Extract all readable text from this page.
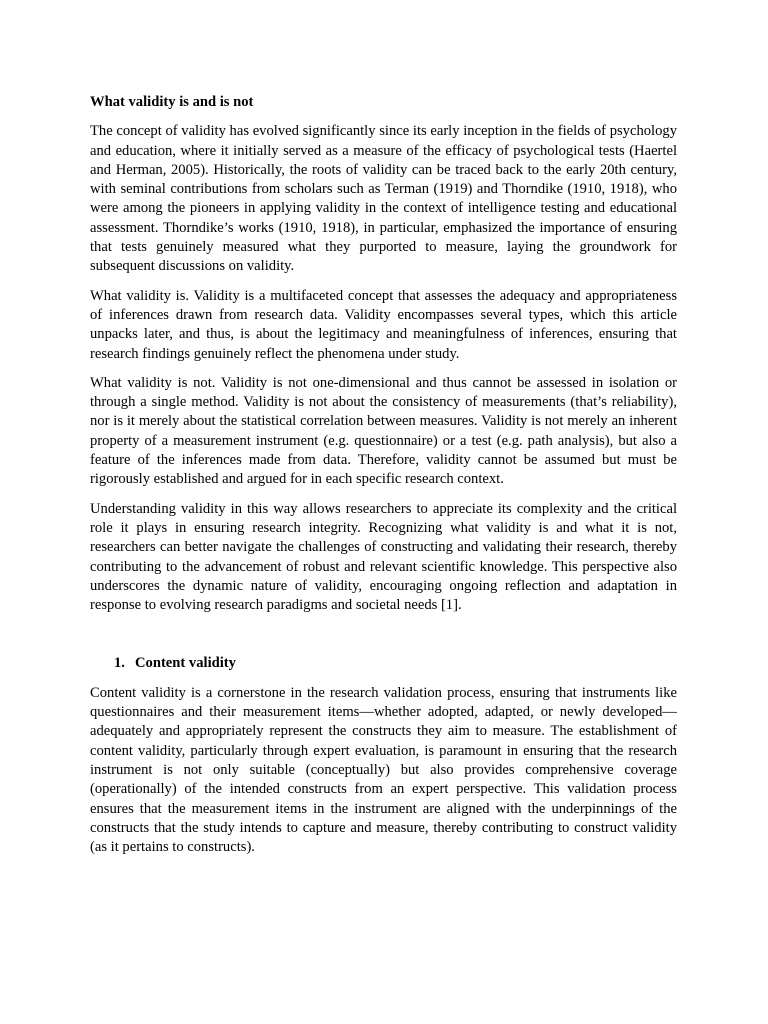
What validity is and is not

The concept of validity has evolved significantly since its early inception in the fields of psychology and education, where it initially served as a measure of the efficacy of psychological tests (Haertel and Herman, 2005). Historically, the roots of validity can be traced back to the early 20th century, with seminal contributions from scholars such as Terman (1919) and Thorndike (1910, 1918), who were among the pioneers in applying validity in the context of intelligence testing and educational assessment. Thorndike’s works (1910, 1918), in particular, emphasized the importance of ensuring that tests genuinely measured what they purported to measure, laying the groundwork for subsequent discussions on validity.

What validity is. Validity is a multifaceted concept that assesses the adequacy and appropriateness of inferences drawn from research data. Validity encompasses several types, which this article unpacks later, and thus, is about the legitimacy and meaningfulness of inferences, ensuring that research findings genuinely reflect the phenomena under study.

What validity is not. Validity is not one-dimensional and thus cannot be assessed in isolation or through a single method. Validity is not about the consistency of measurements (that’s reliability), nor is it merely about the statistical correlation between measures. Validity is not merely an inherent property of a measurement instrument (e.g. questionnaire) or a test (e.g. path analysis), but also a feature of the inferences made from data. Therefore, validity cannot be assumed but must be rigorously established and argued for in each specific research context.

Understanding validity in this way allows researchers to appreciate its complexity and the critical role it plays in ensuring research integrity. Recognizing what validity is and what it is not, researchers can better navigate the challenges of constructing and validating their research, thereby contributing to the advancement of robust and relevant scientific knowledge. This perspective also underscores the dynamic nature of validity, encouraging ongoing reflection and adaptation in response to evolving research paradigms and societal needs [1].

1. Content validity

Content validity is a cornerstone in the research validation process, ensuring that instruments like questionnaires and their measurement items—whether adopted, adapted, or newly developed—adequately and appropriately represent the constructs they aim to measure. The establishment of content validity, particularly through expert evaluation, is paramount in ensuring that the research instrument is not only suitable (conceptually) but also provides comprehensive coverage (operationally) of the intended constructs from an expert perspective. This validation process ensures that the measurement items in the instrument are aligned with the underpinnings of the constructs that the study intends to capture and measure, thereby contributing to construct validity (as it pertains to constructs).
